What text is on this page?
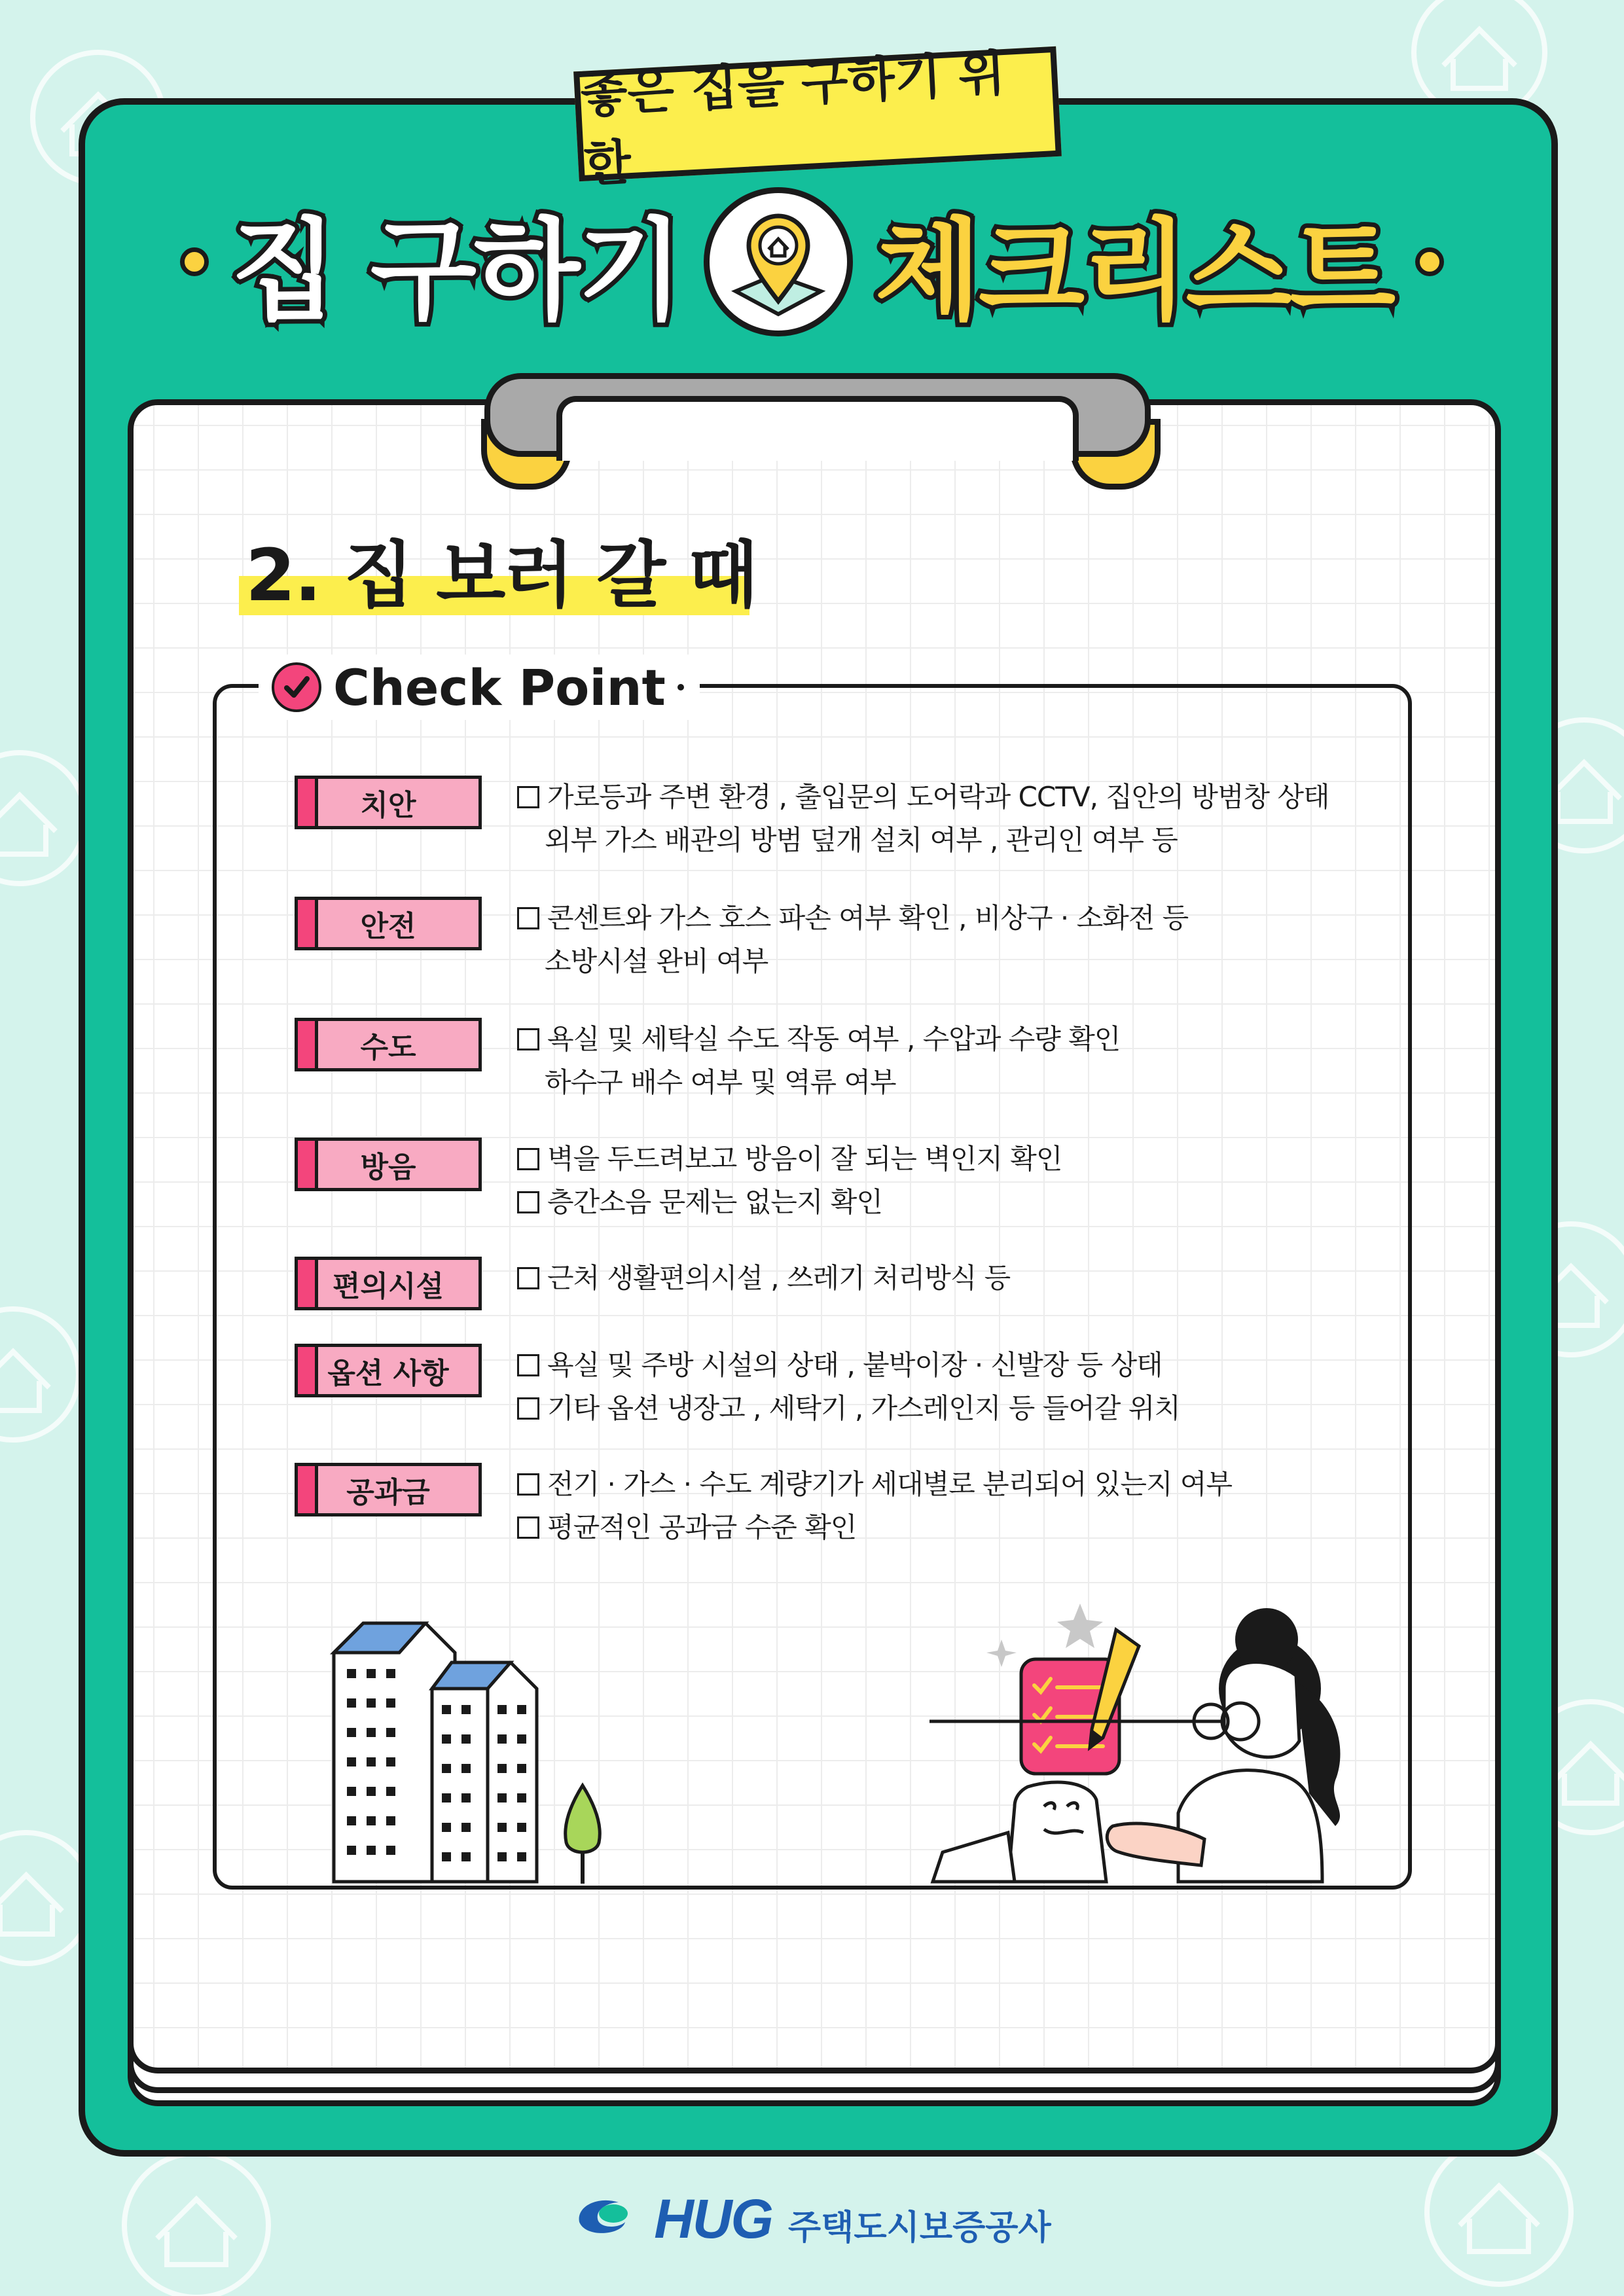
좋은 집을 구하기 위한
집 구하기 체크리스트
2. 집 보러 갈 때
Check Point
치안	가로등과 주변 환경 , 출입문의 도어락과 CCTV, 집안의 방범창 상태
외부 가스 배관의 방범 덮개 설치 여부 , 관리인 여부 등
안전	콘센트와 가스 호스 파손 여부 확인 , 비상구 · 소화전 등
소방시설 완비 여부
수도	욕실 및 세탁실 수도 작동 여부 , 수압과 수량 확인
하수구 배수 여부 및 역류 여부
방음	벽을 두드려보고 방음이 잘 되는 벽인지 확인
층간소음 문제는 없는지 확인
편의시설	근처 생활편의시설 , 쓰레기 처리방식 등
옵션 사항	욕실 및 주방 시설의 상태 , 붙박이장 · 신발장 등 상태
기타 옵션 냉장고 , 세탁기 , 가스레인지 등 들어갈 위치
공과금	전기 · 가스 · 수도 계량기가 세대별로 분리되어 있는지 여부
평균적인 공과금 수준 확인
HUG 주택도시보증공사
